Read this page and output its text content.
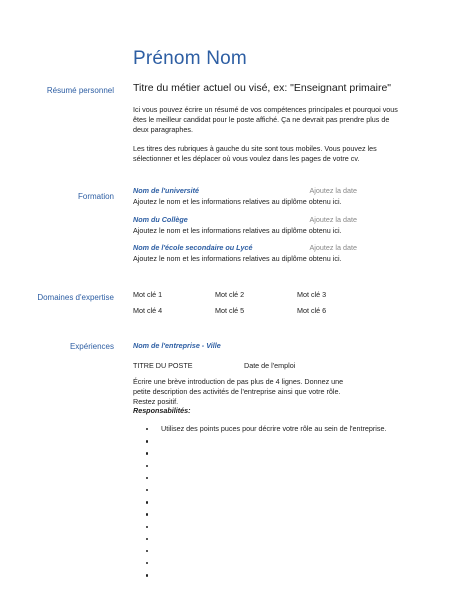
Prénom Nom
Résumé personnel Titre du métier actuel ou visé, ex: "Enseignant primaire"
Ici vous pouvez écrire un résumé de vos compétences principales et pourquoi vous êtes le meilleur candidat pour le poste affiché. Ça ne devrait pas prendre plus de deux paragraphes.
Les titres des rubriques à gauche du site sont tous mobiles. Vous pouvez les sélectionner et les déplacer où vous voulez dans les pages de votre cv.
Formation
Nom de l'université	Ajoutez la date
Ajoutez le nom et les informations relatives au diplôme obtenu ici.
Nom du Collège	Ajoutez la date
Ajoutez le nom et les informations relatives au diplôme obtenu ici.
Nom de l'école secondaire ou Lycé	Ajoutez la date
Ajoutez le nom et les informations relatives au diplôme obtenu ici.
Domaines d'expertise	Mot clé 1	Mot clé 2	Mot clé 3
Mot clé 4	Mot clé 5	Mot clé 6
Expériences	Nom de l'entreprise - Ville
TITRE DU POSTE	Date de l'emploi
Écrire une brève introduction de pas plus de 4 lignes. Donnez une petite description des activités de l'entreprise ainsi que votre rôle. Restez positif.
Responsabilités:
Utilisez des points puces pour décrire votre rôle au sein de l'entreprise.
